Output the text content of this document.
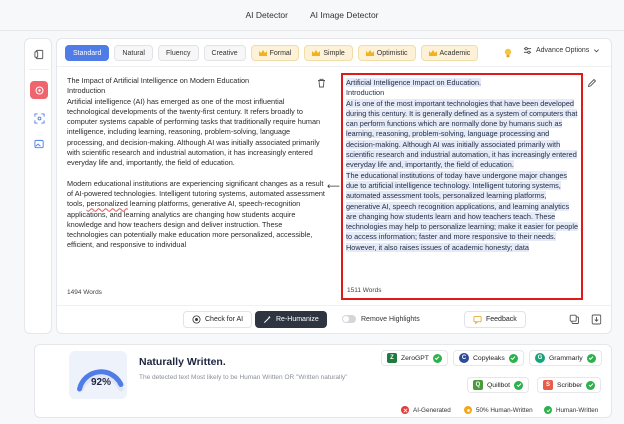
AI Detector	AI Image Detector
Standard	Natural	Fluency	Creative	Formal	Simple	Optimistic	Academic	Advance Options

The Impact of Artificial Intelligence on Modern Education

Introduction

Artificial intelligence (AI) has emerged as one of the most influential technological developments of the twenty-first century. It refers broadly to computer systems capable of performing tasks that traditionally require human intelligence, including learning, reasoning, problem-solving, language processing, and decision-making. Although AI was initially associated primarily with scientific research and industrial automation, it has increasingly entered everyday life and, importantly, the field of education.

Modern educational institutions are experiencing significant changes as a result of AI-powered technologies. Intelligent tutoring systems, automated assessment tools, personalized learning platforms, generative AI, speech-recognition applications, and learning analytics are changing how students acquire knowledge and how teachers design and deliver instruction. These technologies can potentially make education more personalized, accessible, efficient, and responsive to individual

1494 Words
⟵

Artificial Intelligence Impact on Education.

Introduction

AI is one of the most important technologies that have been developed during this century. It is generally defined as a system of computers that can perform functions which are normally done by humans such as learning, reasoning, problem-solving, language processing and decision-making. Although AI was initially associated primarily with scientific research and industrial automation, it has increasingly entered everyday life and, importantly, the field of education.

The educational institutions of today have undergone major changes due to artificial intelligence technology. Intelligent tutoring systems, automated assessment tools, personalized learning platforms, generative AI, speech recognition applications, and learning analytics are changing how students learn and how teachers teach. These technologies may help to personalize learning; make it easier for people to access information; faster and more responsive to their needs. However, it also raises issues of academic honesty; data

1511 Words
Check for AI	Re-Humanize	Remove Highlights	Feedback
92%
Naturally Written.
The detected text Most likely to be Human Written OR "Written naturally"
Z	ZeroGPT	C	Copyleaks	G Grammarly
Q Quillbot	S	Scribber
AI-Generated	50% Human-Written	Human-Written
